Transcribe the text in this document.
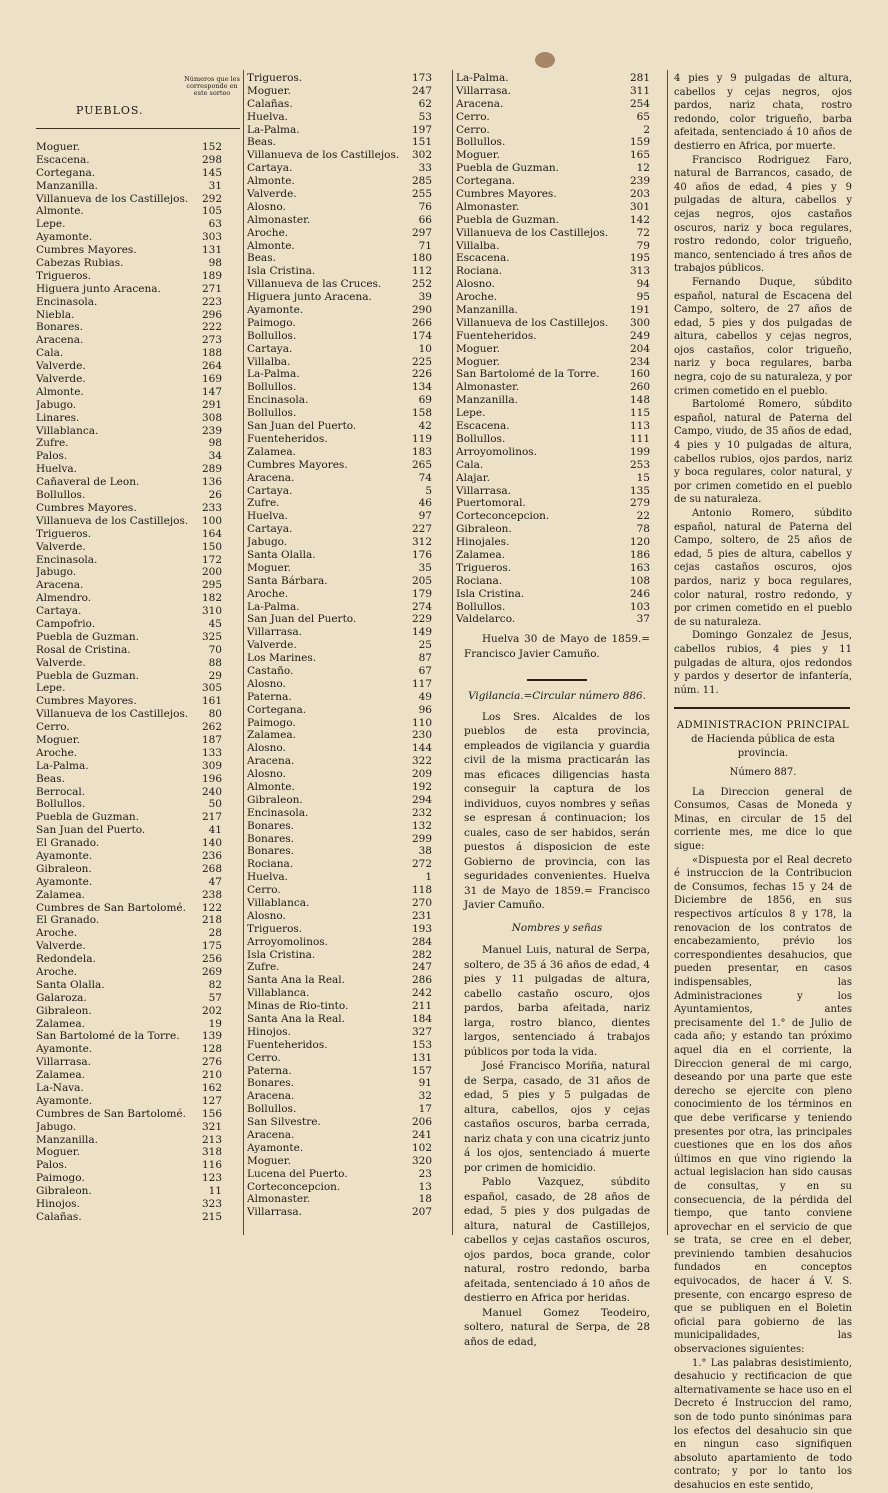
PUEBLOS.
Números que les corresponde en este sorteo
Moguer.	152
Escacena.	298
Cortegana.	145
Manzanilla.	31
Villanueva de los Castillejos.	292
Almonte.	105
Lepe.	63
Ayamonte.	303
Cumbres Mayores.	131
Cabezas Rubias.	98
Trigueros.	189
Higuera junto Aracena.	271
Encinasola.	223
Niebla.	296
Bonares.	222
Aracena.	273
Cala.	188
Valverde.	264
Valverde.	169
Almonte.	147
Jabugo.	291
Linares.	308
Villablanca.	239
Zufre.	98
Palos.	34
Huelva.	289
Cañaveral de Leon.	136
Bollullos.	26
Cumbres Mayores.	233
Villanueva de los Castillejos.	100
Trigueros.	164
Valverde.	150
Encinasola.	172
Jabugo.	200
Aracena.	295
Almendro.	182
Cartaya.	310
Campofrio.	45
Puebla de Guzman.	325
Rosal de Cristina.	70
Valverde.	88
Puebla de Guzman.	29
Lepe.	305
Cumbres Mayores.	161
Villanueva de los Castillejos.	80
Cerro.	262
Moguer.	187
Aroche.	133
La-Palma.	309
Beas.	196
Berrocal.	240
Bollullos.	50
Puebla de Guzman.	217
San Juan del Puerto.	41
El Granado.	140
Ayamonte.	236
Gibraleon.	268
Ayamonte.	47
Zalamea.	238
Cumbres de San Bartolomé.	122
El Granado.	218
Aroche.	28
Valverde.	175
Redondela.	256
Aroche.	269
Santa Olalla.	82
Galaroza.	57
Gibraleon.	202
Zalamea.	19
San Bartolomé de la Torre.	139
Ayamonte.	128
Villarrasa.	276
Zalamea.	210
La-Nava.	162
Ayamonte.	127
Cumbres de San Bartolomé.	156
Jabugo.	321
Manzanilla.	213
Moguer.	318
Palos.	116
Paimogo.	123
Gibraleon.	11
Hinojos.	323
Calañas.	215
Trigueros.	173
Moguer.	247
Calañas.	62
Huelva.	53
La-Palma.	197
Beas.	151
Villanueva de los Castillejos.	302
Cartaya.	33
Almonte.	285
Valverde.	255
Alosno.	76
Almonaster.	66
Aroche.	297
Almonte.	71
Beas.	180
Isla Cristina.	112
Villanueva de las Cruces.	252
Higuera junto Aracena.	39
Ayamonte.	290
Paimogo.	266
Bollullos.	174
Cartaya.	10
Villalba.	225
La-Palma.	226
Bollullos.	134
Encinasola.	69
Bollullos.	158
San Juan del Puerto.	42
Fuenteheridos.	119
Zalamea.	183
Cumbres Mayores.	265
Aracena.	74
Cartaya.	5
Zufre.	46
Huelva.	97
Cartaya.	227
Jabugo.	312
Santa Olalla.	176
Moguer.	35
Santa Bárbara.	205
Aroche.	179
La-Palma.	274
San Juan del Puerto.	229
Villarrasa.	149
Valverde.	25
Los Marines.	87
Castaño.	67
Alosno.	117
Paterna.	49
Cortegana.	96
Paimogo.	110
Zalamea.	230
Alosno.	144
Aracena.	322
Alosno.	209
Almonte.	192
Gibraleon.	294
Encinasola.	232
Bonares.	132
Bonares.	299
Bonares.	38
Rociana.	272
Huelva.	1
Cerro.	118
Villablanca.	270
Alosno.	231
Trigueros.	193
Arroyomolinos.	284
Isla Cristina.	282
Zufre.	247
Santa Ana la Real.	286
Villablanca.	242
Minas de Rio-tinto.	211
Santa Ana la Real.	184
Hinojos.	327
Fuenteheridos.	153
Cerro.	131
Paterna.	157
Bonares.	91
Aracena.	32
Bollullos.	17
San Silvestre.	206
Aracena.	241
Ayamonte.	102
Moguer.	320
Lucena del Puerto.	23
Corteconcepcion.	13
Almonaster.	18
Villarrasa.	207
La-Palma.	281
Villarrasa.	311
Aracena.	254
Cerro.	65
Cerro.	2
Bollullos.	159
Moguer.	165
Puebla de Guzman.	12
Cortegana.	239
Cumbres Mayores.	203
Almonaster.	301
Puebla de Guzman.	142
Villanueva de los Castillejos.	72
Villalba.	79
Escacena.	195
Rociana.	313
Alosno.	94
Aroche.	95
Manzanilla.	191
Villanueva de los Castillejos.	300
Fuenteheridos.	249
Moguer.	204
Moguer.	234
San Bartolomé de la Torre.	160
Almonaster.	260
Manzanilla.	148
Lepe.	115
Escacena.	113
Bollullos.	111
Arroyomolinos.	199
Cala.	253
Alajar.	15
Villarrasa.	135
Puertomoral.	279
Corteconcepcion.	22
Gibraleon.	78
Hinojales.	120
Zalamea.	186
Trigueros.	163
Rociana.	108
Isla Cristina.	246
Bollullos.	103
Valdelarco.	37

Huelva 30 de Mayo de 1859.= Francisco Javier Camuño.

Vigilancia.=Circular número 886.

Los Sres. Alcaldes de los pueblos de esta provincia, empleados de vigilancia y guardia civil de la misma practicarán las mas eficaces diligencias hasta conseguir la captura de los individuos, cuyos nombres y señas se espresan á continuacion; los cuales, caso de ser habidos, serán puestos á disposicion de este Gobierno de provincia, con las seguridades convenientes. Huelva 31 de Mayo de 1859.= Francisco Javier Camuño.

Nombres y señas

Manuel Luis, natural de Serpa, soltero, de 35 á 36 años de edad, 4 pies y 11 pulgadas de altura, cabello castaño oscuro, ojos pardos, barba afeitada, nariz larga, rostro blanco, dientes largos, sentenciado á trabajos públicos por toda la vida.

José Francisco Moriña, natural de Serpa, casado, de 31 años de edad, 5 pies y 5 pulgadas de altura, cabellos, ojos y cejas castaños oscuros, barba cerrada, nariz chata y con una cicatriz junto á los ojos, sentenciado á muerte por crimen de homicidio.

Pablo Vazquez, súbdito español, casado, de 28 años de edad, 5 pies y dos pulgadas de altura, natural de Castillejos, cabellos y cejas castaños oscuros, ojos pardos, boca grande, color natural, rostro redondo, barba afeitada, sentenciado á 10 años de destierro en Africa por heridas.

Manuel Gomez Teodeiro, soltero, natural de Serpa, de 28 años de edad,

4 pies y 9 pulgadas de altura, cabellos y cejas negros, ojos pardos, nariz chata, rostro redondo, color trigueño, barba afeitada, sentenciado á 10 años de destierro en Africa, por muerte.

Francisco Rodriguez Faro, natural de Barrancos, casado, de 40 años de edad, 4 pies y 9 pulgadas de altura, cabellos y cejas negros, ojos castaños oscuros, nariz y boca regulares, rostro redondo, color trigueño, manco, sentenciado á tres años de trabajos públicos.

Fernando Duque, súbdito español, natural de Escacena del Campo, soltero, de 27 años de edad, 5 pies y dos pulgadas de altura, cabellos y cejas negros, ojos castaños, color trigueño, nariz y boca regulares, barba negra, cojo de su naturaleza, y por crimen cometido en el pueblo.

Bartolomé Romero, súbdito español, natural de Paterna del Campo, viudo, de 35 años de edad, 4 pies y 10 pulgadas de altura, cabellos rubios, ojos pardos, nariz y boca regulares, color natural, y por crimen cometido en el pueblo de su naturaleza.

Antonio Romero, súbdito español, natural de Paterna del Campo, soltero, de 25 años de edad, 5 pies de altura, cabellos y cejas castaños oscuros, ojos pardos, nariz y boca regulares, color natural, rostro redondo, y por crimen cometido en el pueblo de su naturaleza.

Domingo Gonzalez de Jesus, cabellos rubios, 4 pies y 11 pulgadas de altura, ojos redondos y pardos y desertor de infantería, núm. 11.

ADMINISTRACION PRINCIPAL

de Hacienda pública de esta provincia.

Número 887.

La Direccion general de Consumos, Casas de Moneda y Minas, en circular de 15 del corriente mes, me dice lo que sigue:

«Dispuesta por el Real decreto é instruccion de la Contribucion de Consumos, fechas 15 y 24 de Diciembre de 1856, en sus respectivos artículos 8 y 178, la renovacion de los contratos de encabezamiento, prévio los correspondientes desahucios, que pueden presentar, en casos indispensables, las Administraciones y los Ayuntamientos, antes precisamente del 1.° de Julio de cada año; y estando tan próximo aquel dia en el corriente, la Direccion general de mi cargo, deseando por una parte que este derecho se ejercite con pleno conocimiento de los términos en que debe verificarse y teniendo presentes por otra, las principales cuestiones que en los dos años últimos en que vino rigiendo la actual legislacion han sido causas de consultas, y en su consecuencia, de la pérdida del tiempo, que tanto conviene aprovechar en el servicio de que se trata, se cree en el deber, previniendo tambien desahucios fundados en conceptos equivocados, de hacer á V. S. presente, con encargo espreso de que se publiquen en el Boletin oficial para gobierno de las municipalidades, las observaciones siguientes:

1.° Las palabras desistimiento, desahucio y rectificacion de que alternativamente se hace uso en el Decreto é Instruccion del ramo, son de todo punto sinónimas para los efectos del desahucio sin que en ningun caso signifiquen absoluto apartamiento de todo contrato; y por lo tanto los desahucios en este sentido,
